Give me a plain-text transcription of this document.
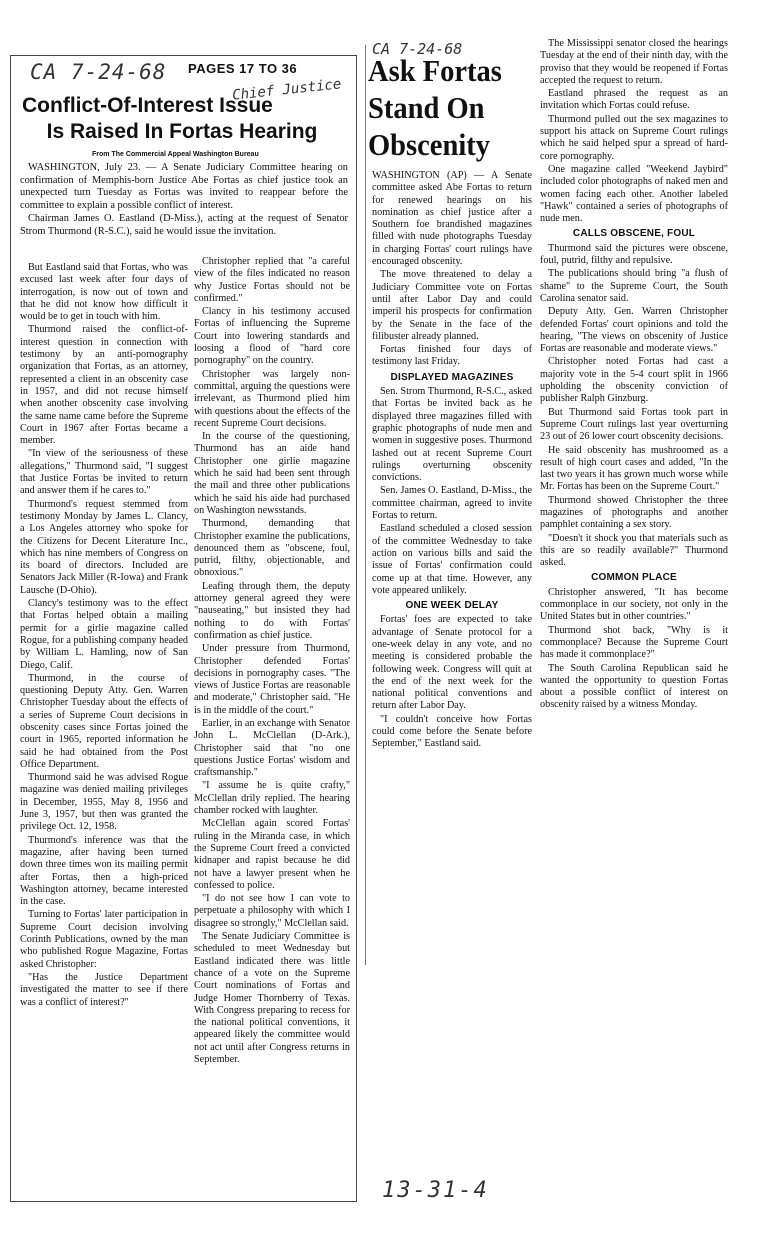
CA 7-24-68 PAGES 17 TO 36
Chief Justice
Conflict-Of-Interest Issue
Is Raised In Fortas Hearing
From The Commercial Appeal Washington Bureau

WASHINGTON, July 23. — A Senate Judiciary Committee hearing on confirmation of Memphis-born Justice Abe Fortas as chief justice took an unexpected turn Tuesday as Fortas was invited to reappear before the committee to explain a possible conflict of interest.

Chairman James O. Eastland (D-Miss.), acting at the request of Senator Strom Thurmond (R-S.C.), said he would issue the invitation.

But Eastland said that Fortas, who was excused last week after four days of interrogation, is now out of town and that he did not know how difficult it would be to get in touch with him.

Thurmond raised the conflict-of-interest question in connection with testimony by an anti-pornography organization that Fortas, as an attorney, represented a client in an obscenity case in 1957, and did not recuse himself when another obscenity case involving the same name came before the Supreme Court in 1967 after Fortas became a member.

"In view of the seriousness of these allegations," Thurmond said, "I suggest that Justice Fortas be invited to return and answer them if he cares to."

Thurmond's request stemmed from testimony Monday by James L. Clancy, a Los Angeles attorney who spoke for the Citizens for Decent Literature Inc., which has nine members of Congress on its board of directors. Included are Senators Jack Miller (R-Iowa) and Frank Lausche (D-Ohio).

Clancy's testimony was to the effect that Fortas helped obtain a mailing permit for a girlie magazine called Rogue, for a publishing company headed by William L. Hamling, now of San Diego, Calif.

Thurmond, in the course of questioning Deputy Atty. Gen. Warren Christopher Tuesday about the effects of a series of Supreme Court decisions in obscenity cases since Fortas joined the court in 1965, reported information he said he had obtained from the Post Office Department.

Thurmond said he was advised Rogue magazine was denied mailing privileges in December, 1955, May 8, 1956 and June 3, 1957, but then was granted the privilege Oct. 12, 1958.

Thurmond's inference was that the magazine, after having been turned down three times won its mailing permit after Fortas, then a high-priced Washington attorney, became interested in the case.

Turning to Fortas' later participation in Supreme Court decision involving Corinth Publications, owned by the man who published Rogue Magazine, Fortas asked Christopher:

"Has the Justice Department investigated the matter to see if there was a conflict of interest?"

Christopher replied that "a careful view of the files indicated no reason why Justice Fortas should not be confirmed."

Clancy in his testimony accused Fortas of influencing the Supreme Court into lowering standards and loosing a flood of "hard core pornography" on the country.

Christopher was largely non-committal, arguing the questions were irrelevant, as Thurmond plied him with questions about the effects of the recent Supreme Court decisions.

In the course of the questioning, Thurmond has an aide hand Christopher one girlie magazine which he said had been sent through the mail and three other publications which he said his aide had purchased on Washington newsstands.

Thurmond, demanding that Christopher examine the publications, denounced them as "obscene, foul, putrid, filthy, objectionable, and obnoxious."

Leafing through them, the deputy attorney general agreed they were "nauseating," but insisted they had nothing to do with Fortas' confirmation as chief justice.

Under pressure from Thurmond, Christopher defended Fortas' decisions in pornography cases. "The views of Justice Fortas are reasonable and moderate," Christopher said. "He is in the middle of the court."

Earlier, in an exchange with Senator John L. McClellan (D-Ark.), Christopher said that "no one questions Justice Fortas' wisdom and craftsmanship."

"I assume he is quite crafty," McClellan drily replied. The hearing chamber rocked with laughter.

McClellan again scored Fortas' ruling in the Miranda case, in which the Supreme Court freed a convicted kidnaper and rapist because he did not have a lawyer present when he confessed to police.

"I do not see how I can vote to perpetuate a philosophy with which I disagree so strongly," McClellan said.

The Senate Judiciary Committee is scheduled to meet Wednesday but Eastland indicated there was little chance of a vote on the Supreme Court nominations of Fortas and Judge Homer Thornberry of Texas. With Congress preparing to recess for the national political conventions, it appeared likely the committee would not act until after Congress returns in September.

CA 7-24-68
Ask Fortas
Stand On
Obscenity

WASHINGTON (AP) — A Senate committee asked Abe Fortas to return for renewed hearings on his nomination as chief justice after a Southern foe brandished magazines filled with nude photographs Tuesday in charging Fortas' court rulings have encouraged obscenity.

The move threatened to delay a Judiciary Committee vote on Fortas until after Labor Day and could imperil his prospects for confirmation by the Senate in the face of the filibuster already planned.

Fortas finished four days of testimony last Friday.

DISPLAYED MAGAZINES

Sen. Strom Thurmond, R-S.C., asked that Fortas be invited back as he displayed three magazines filled with graphic photographs of nude men and women in suggestive poses. Thurmond lashed out at recent Supreme Court rulings overturning obscenity convictions.

Sen. James O. Eastland, D-Miss., the committee chairman, agreed to invite Fortas to return.

Eastland scheduled a closed session of the committee Wednesday to take action on various bills and said the issue of Fortas' confirmation could come up at that time. However, any vote appeared unlikely.

ONE WEEK DELAY

Fortas' foes are expected to take advantage of Senate protocol for a one-week delay in any vote, and no meeting is considered probable the following week. Congress will quit at the end of the next week for the national political conventions and return after Labor Day.

"I couldn't conceive how Fortas could come before the Senate before September," Eastland said.

The Mississippi senator closed the hearings Tuesday at the end of their ninth day, with the proviso that they would be reopened if Fortas accepted the request to return.

Eastland phrased the request as an invitation which Fortas could refuse.

Thurmond pulled out the sex magazines to support his attack on Supreme Court rulings which he said helped spur a spread of hard-core pornography.

One magazine called "Weekend Jaybird" included color photographs of naked men and women facing each other. Another labeled "Hawk" contained a series of photographs of nude men.

CALLS OBSCENE, FOUL

Thurmond said the pictures were obscene, foul, putrid, filthy and repulsive.

The publications should bring "a flush of shame" to the Supreme Court, the South Carolina senator said.

Deputy Atty. Gen. Warren Christopher defended Fortas' court opinions and told the hearing, "The views on obscenity of Justice Fortas are reasonable and moderate views."

Christopher noted Fortas had cast a majority vote in the 5-4 court split in 1966 upholding the obscenity conviction of publisher Ralph Ginzburg.

But Thurmond said Fortas took part in Supreme Court rulings last year overturning 23 out of 26 lower court obscenity decisions.

He said obscenity has mushroomed as a result of high court cases and added, "In the last two years it has grown much worse while Mr. Fortas has been on the Supreme Court."

Thurmond showed Christopher the three magazines of photographs and another pamphlet containing a sex story.

"Doesn't it shock you that materials such as this are so readily available?" Thurmond asked.

COMMON PLACE

Christopher answered, "It has become commonplace in our society, not only in the United States but in other countries."

Thurmond shot back, "Why is it commonplace? Because the Supreme Court has made it commonplace?"

The South Carolina Republican said he wanted the opportunity to question Fortas about a possible conflict of interest on obscenity raised by a witness Monday.

13-31-4
